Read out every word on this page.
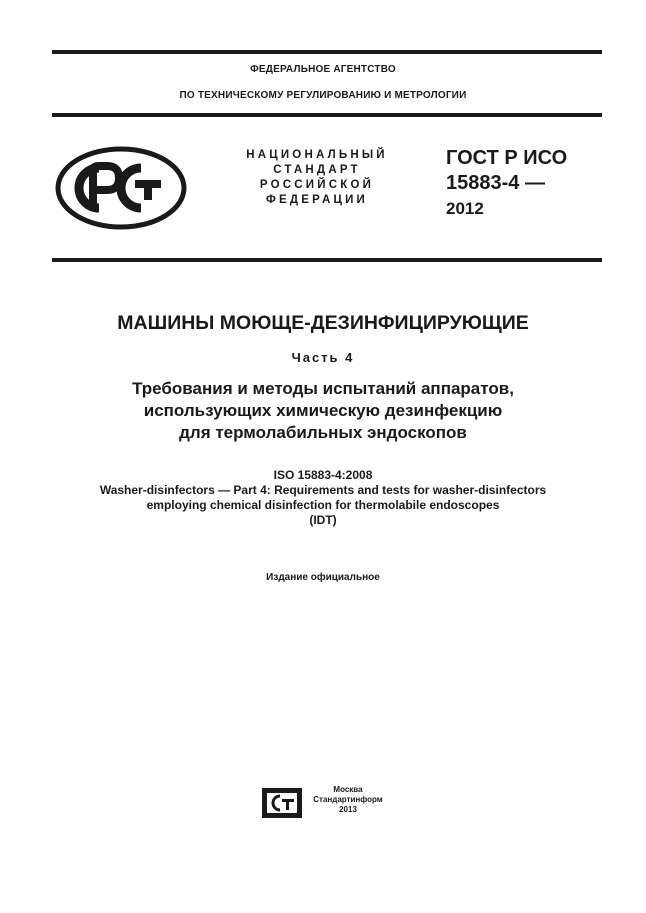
ФЕДЕРАЛЬНОЕ АГЕНТСТВО
ПО ТЕХНИЧЕСКОМУ РЕГУЛИРОВАНИЮ И МЕТРОЛОГИИ
НАЦИОНАЛЬНЫЙ
СТАНДАРТ
РОССИЙСКОЙ
ФЕДЕРАЦИИ
ГОСТ Р ИСО
15883-4 —
2012
МАШИНЫ МОЮЩЕ-ДЕЗИНФИЦИРУЮЩИЕ
Часть 4
Требования и методы испытаний аппаратов,
использующих химическую дезинфекцию
для термолабильных эндоскопов
ISO 15883-4:2008
Washer-disinfectors — Part 4: Requirements and tests for washer-disinfectors
employing chemical disinfection for thermolabile endoscopes
(IDT)
Издание официальное
Москва
Стандартинформ
2013
